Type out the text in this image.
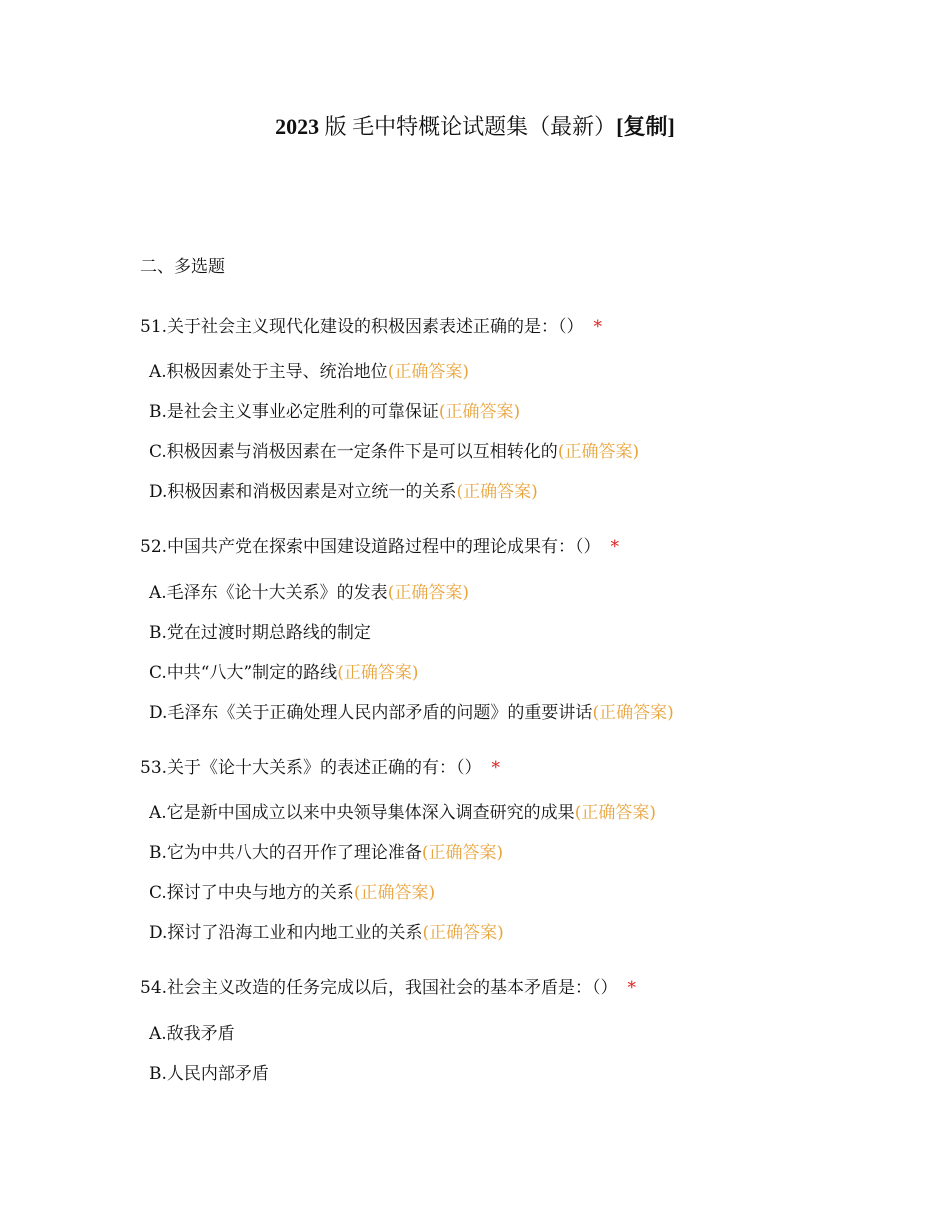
2023 版 毛中特概论试题集（最新）[复制]
二、多选题
51.关于社会主义现代化建设的积极因素表述正确的是：（） *
A.积极因素处于主导、统治地位(正确答案)
B.是社会主义事业必定胜利的可靠保证(正确答案)
C.积极因素与消极因素在一定条件下是可以互相转化的(正确答案)
D.积极因素和消极因素是对立统一的关系(正确答案)
52.中国共产党在探索中国建设道路过程中的理论成果有：（） *
A.毛泽东《论十大关系》的发表(正确答案)
B.党在过渡时期总路线的制定
C.中共“八大”制定的路线(正确答案)
D.毛泽东《关于正确处理人民内部矛盾的问题》的重要讲话(正确答案)
53.关于《论十大关系》的表述正确的有：（） *
A.它是新中国成立以来中央领导集体深入调查研究的成果(正确答案)
B.它为中共八大的召开作了理论准备(正确答案)
C.探讨了中央与地方的关系(正确答案)
D.探讨了沿海工业和内地工业的关系(正确答案)
54.社会主义改造的任务完成以后，我国社会的基本矛盾是：（） *
A.敌我矛盾
B.人民内部矛盾
